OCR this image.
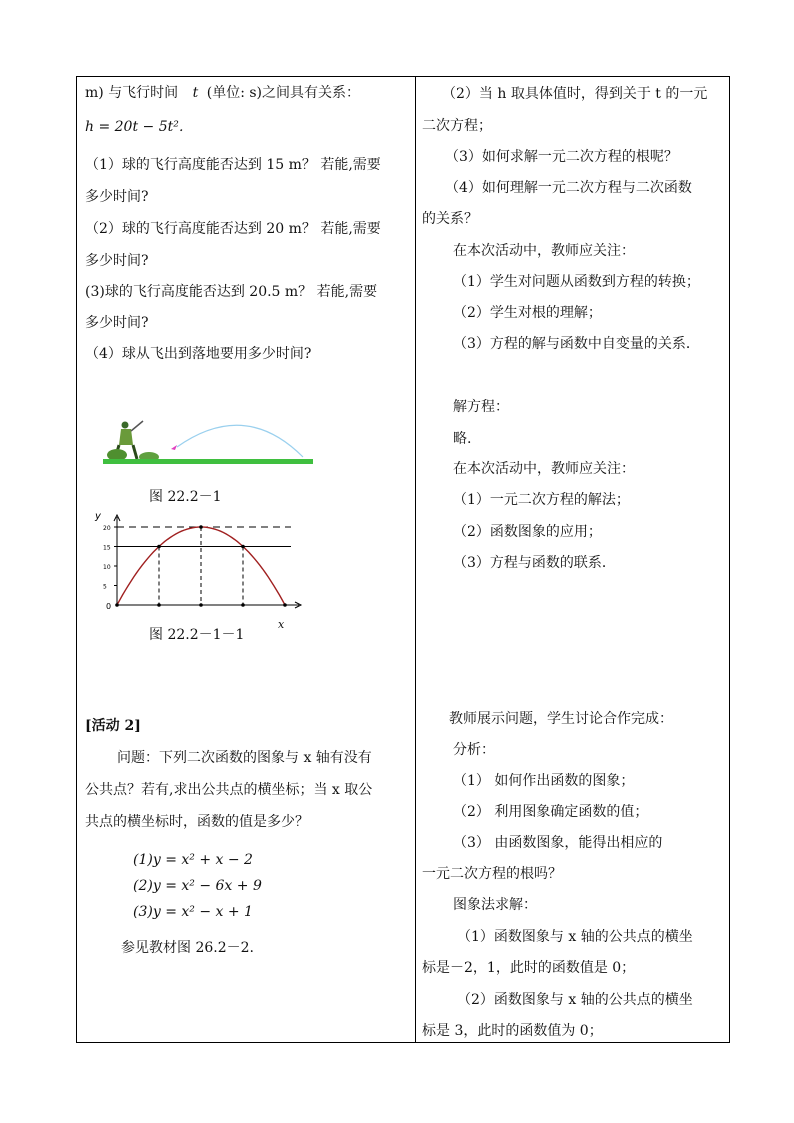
m) 与飞行时间 t (单位: s)之间具有关系：
h = 20t − 5t²．
（1）球的飞行高度能否达到 15 m？ 若能,需要
多少时间?
（2）球的飞行高度能否达到 20 m？ 若能,需要
多少时间?
(3)球的飞行高度能否达到 20.5 m？ 若能,需要
多少时间?
（4）球从飞出到落地要用多少时间?
图 22.2－1
y
0
5
10
15
20
x
图 22.2－1－1
[活动 2]
问题：下列二次函数的图象与 x 轴有没有
公共点？若有,求出公共点的横坐标；当 x 取公
共点的横坐标时，函数的值是多少？
(1)y = x² + x − 2
(2)y = x² − 6x + 9
(3)y = x² − x + 1
参见教材图 26.2－2.
（2）当 h 取具体值时，得到关于 t 的一元
二次方程；
（3）如何求解一元二次方程的根呢？
（4）如何理解一元二次方程与二次函数
的关系？
在本次活动中，教师应关注：
（1）学生对问题从函数到方程的转换；
（2）学生对根的理解；
（3）方程的解与函数中自变量的关系．
解方程：
略.
在本次活动中，教师应关注：
（1）一元二次方程的解法；
（2）函数图象的应用；
（3）方程与函数的联系．
教师展示问题，学生讨论合作完成：
分析：
（1） 如何作出函数的图象；
（2） 利用图象确定函数的值；
（3） 由函数图象，能得出相应的
一元二次方程的根吗？
图象法求解：
（1）函数图象与 x 轴的公共点的横坐
标是－2，1，此时的函数值是 0；
（2）函数图象与 x 轴的公共点的横坐
标是 3，此时的函数值为 0；
